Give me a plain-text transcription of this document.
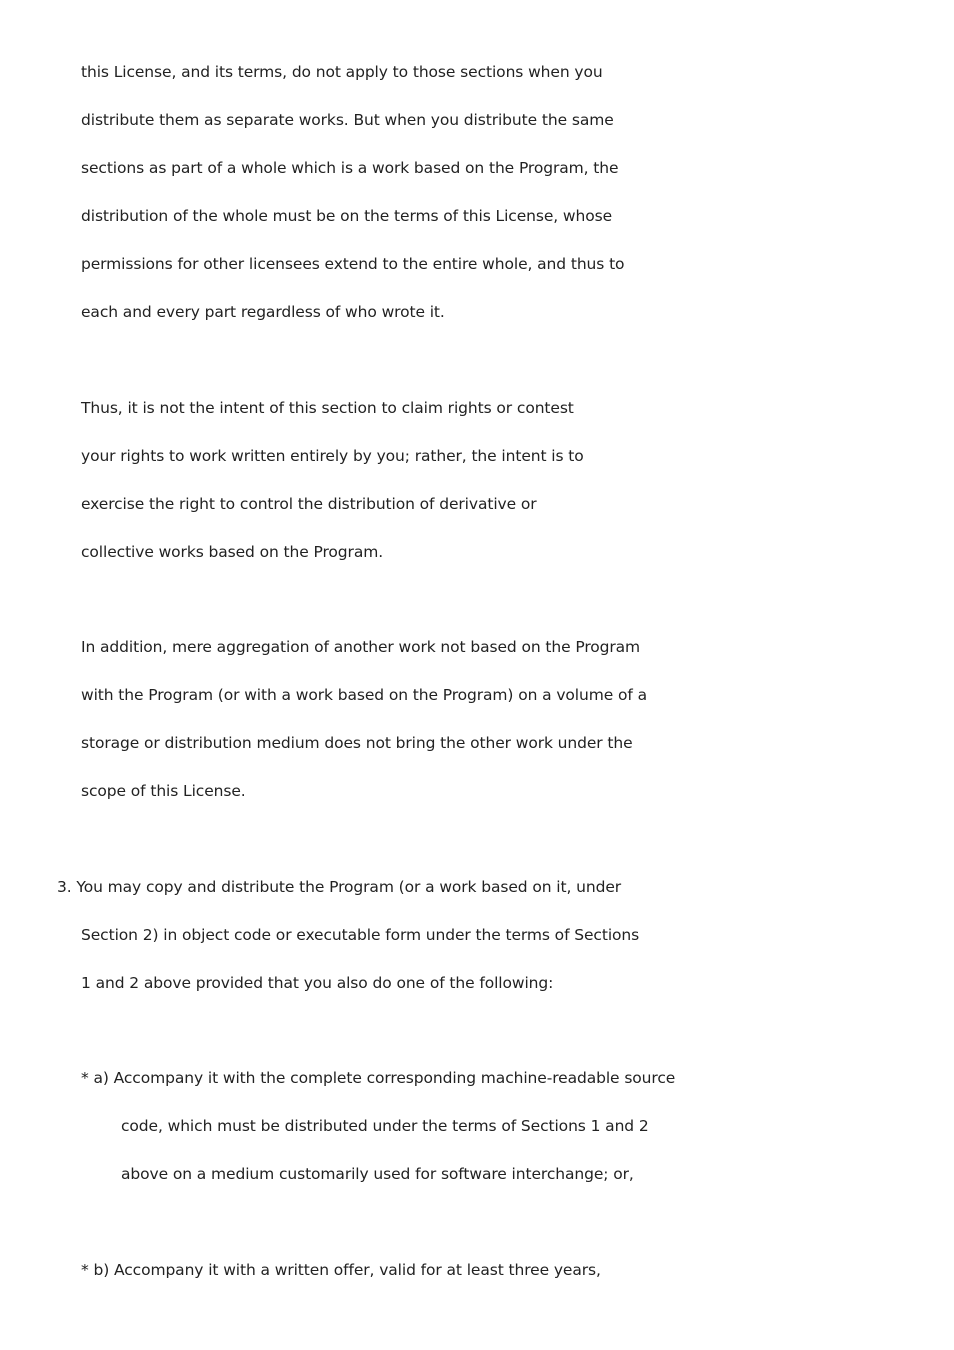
this License, and its terms, do not apply to those sections when you
distribute them as separate works. But when you distribute the same
sections as part of a whole which is a work based on the Program, the
distribution of the whole must be on the terms of this License, whose
permissions for other licensees extend to the entire whole, and thus to
each and every part regardless of who wrote it.
Thus, it is not the intent of this section to claim rights or contest
your rights to work written entirely by you; rather, the intent is to
exercise the right to control the distribution of derivative or
collective works based on the Program.
In addition, mere aggregation of another work not based on the Program
with the Program (or with a work based on the Program) on a volume of a
storage or distribution medium does not bring the other work under the
scope of this License.
3. You may copy and distribute the Program (or a work based on it, under
Section 2) in object code or executable form under the terms of Sections
1 and 2 above provided that you also do one of the following:
* a) Accompany it with the complete corresponding machine-readable source
code, which must be distributed under the terms of Sections 1 and 2
above on a medium customarily used for software interchange; or,
* b) Accompany it with a written offer, valid for at least three years,
